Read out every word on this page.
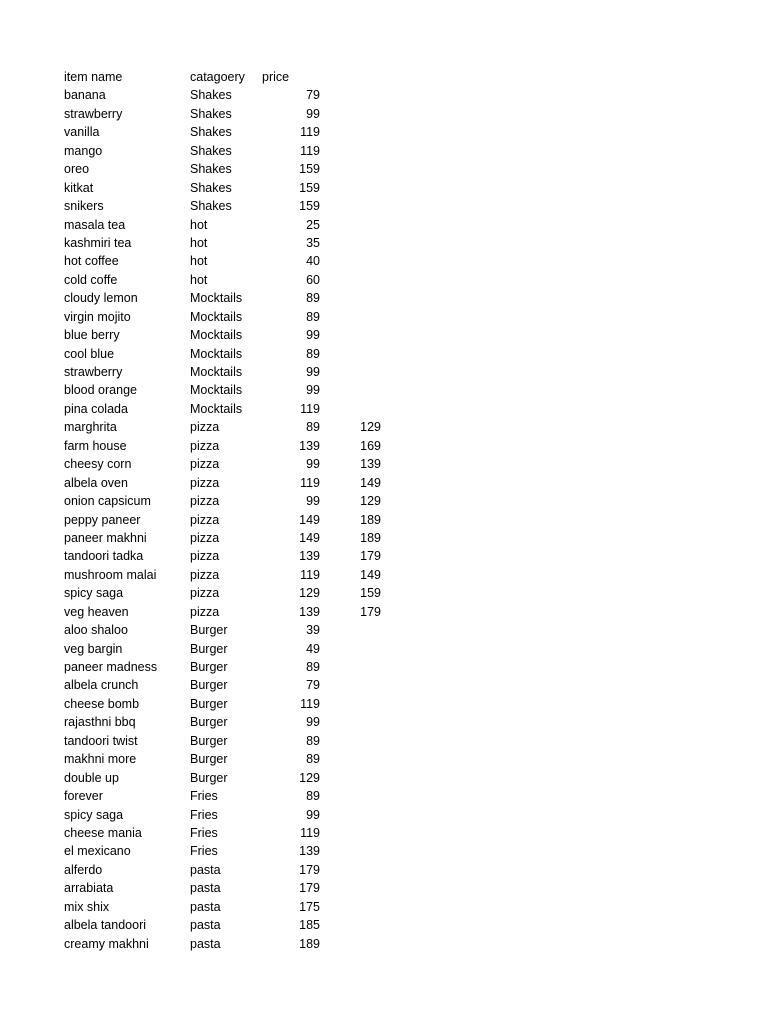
item name	catagoery price
banana	Shakes	79
strawberry	Shakes	99
vanilla	Shakes	119
mango	Shakes	119
oreo	Shakes	159
kitkat	Shakes	159
snikers	Shakes	159
masala tea	hot	25
kashmiri tea	hot	35
hot coffee	hot	40
cold coffe	hot	60
cloudy lemon	Mocktails	89
virgin mojito	Mocktails	89
blue berry	Mocktails	99
cool blue	Mocktails	89
strawberry	Mocktails	99
blood orange	Mocktails	99
pina colada	Mocktails	119
marghrita	pizza	89	129
farm house	pizza	139	169
cheesy corn	pizza	99	139
albela oven	pizza	119	149
onion capsicum	pizza	99	129
peppy paneer	pizza	149	189
paneer makhni	pizza	149	189
tandoori tadka	pizza	139	179
mushroom malai	pizza	119	149
spicy saga	pizza	129	159
veg heaven	pizza	139	179
aloo shaloo	Burger	39
veg bargin	Burger	49
paneer madness	Burger	89
albela crunch	Burger	79
cheese bomb	Burger	119
rajasthni bbq	Burger	99
tandoori twist	Burger	89
makhni more	Burger	89
double up	Burger	129
forever	Fries	89
spicy saga	Fries	99
cheese mania	Fries	119
el mexicano	Fries	139
alferdo	pasta	179
arrabiata	pasta	179
mix shix	pasta	175
albela tandoori	pasta	185
creamy makhni	pasta	189
